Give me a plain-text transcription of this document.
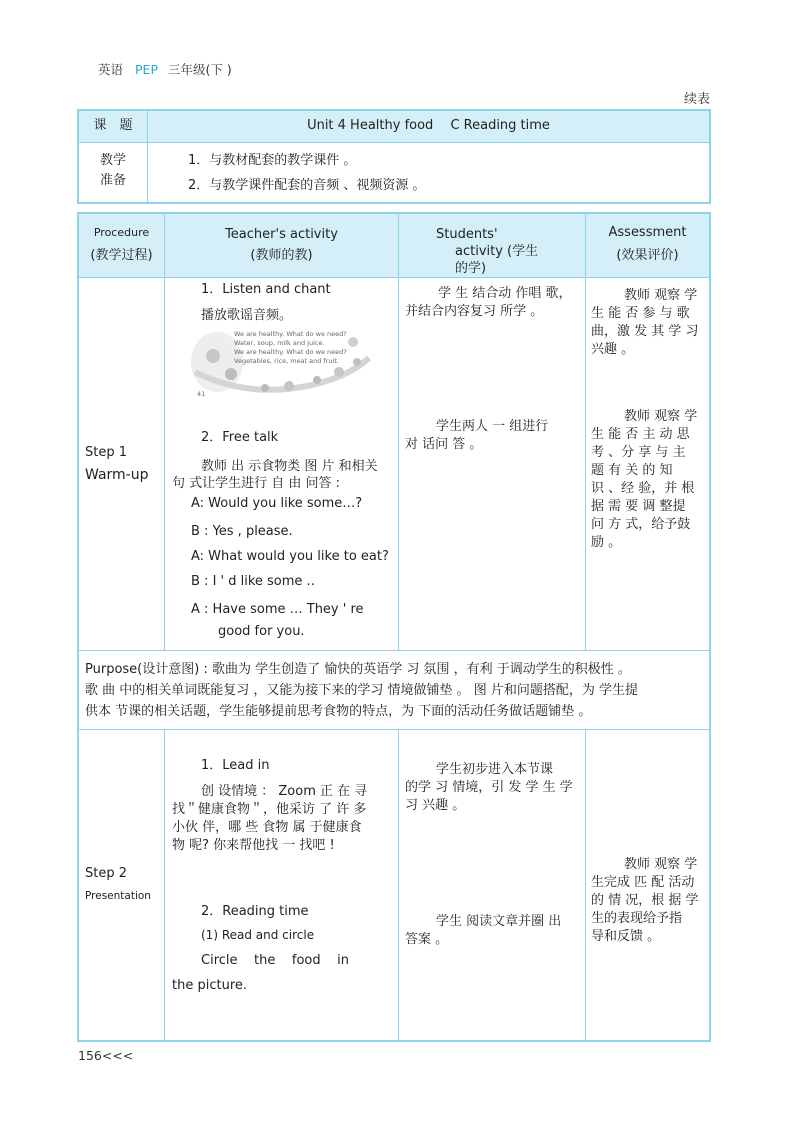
英语 PEP 三年级(下 )
续表
课　题	Unit 4 Healthy food　 C Reading time
教学
准备
1．与教材配套的教学课件 。
2．与教学课件配套的音频 、视频资源 。
Procedure
(教学过程)
Teacher's activity
(教师的教)
Students'
activity (学生
的学)
Assessment
(效果评价)
Step 1
Warm-up
1．Listen and chant
播放歌谣音频。
We are healthy. What do we need?
Water, soup, milk and juice.
We are healthy. What do we need?
Vegetables, rice, meat and fruit.
41
2．Free talk
教师 出 示食物类 图 片 和相关
句 式让学生进行 自 由 问答 :
A: Would you like some…?
B : Yes , please.
A: What would you like to eat?
B : I ' d like some ..
A : Have some … They ' re
good for you.
学 生 结合动 作唱 歌，
并结合内容复习 所学 。
学生两人 一 组进行
对 话问 答 。
教师 观察 学
生 能 否 参 与 歌
曲，激 发 其 学 习
兴趣 。
教师 观察 学
生 能 否 主 动 思
考 、分 享 与 主
题 有 关 的 知
识 、经 验，并 根
据 需 要 调 整提
问 方 式，给予鼓
励 。
Purpose(设计意图) : 歌曲为 学生创造了 愉快的英语学 习 氛围 ，有利 于调动学生的积极性 。
歌 曲 中的相关单词既能复习 ，又能为接下来的学习 情境做铺垫 。 图 片和问题搭配，为 学生提
供本 节课的相关话题，学生能够提前思考食物的特点，为 下面的活动任务做话题铺垫 。
Step 2
Presentation
1．Lead in
创 设情境 ： Zoom 正 在 寻
找＂健康食物＂，他采访 了 许 多
小伙 伴，哪 些 食物 属 于健康食
物 呢? 你来帮他找 一 找吧 !
2．Reading time
(1) Read and circle
Circle    the    food    in
the picture.
学生初步进入本节课
的学 习 情境，引 发 学 生 学
习 兴趣 。
学生 阅读文章并圈 出
答案 。
教师 观察 学
生完成 匹 配 活动
的 情 况，根 据 学
生的表现给予指
导和反馈 。
156<<<
